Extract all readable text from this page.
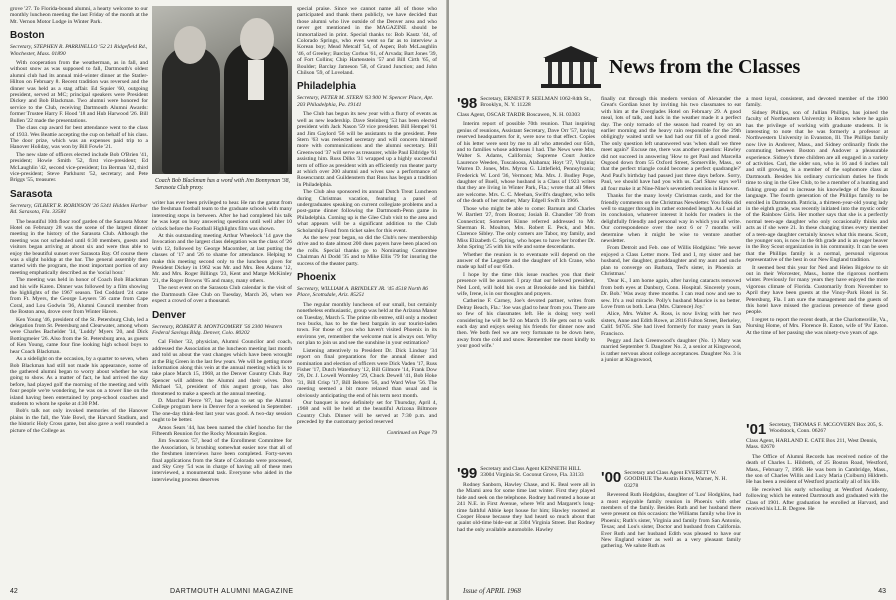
grove '27. To Florida-bound alumni, a hearty welcome to our monthly luncheon meeting the last Friday of the month at the Mt. Vernon Motor Lodge in Winter Park.

Boston
Secretary, STEPHEN R. PARRINELLO '52 21 Ridgefield Rd., Winchester, Mass. 01890

With cooperation from the weatherman, as in fall, and without snow as was supposed to fall, Dartmouth's oldest alumni club had its annual mid-winter dinner at the Statler-Hilton on February 8. Recent tradition was reversed and the dinner was held as a stag affair. Ed Squier '60, outgoing president, served at MC; principal speakers were President Dickey and Bob Blackman. Two alumni were honored for service to the Club, receiving Dartmouth Alumni Awards: former Trustee Harry F. Hood '18 and Hub Harwood '26. Bill Bullen '22 made the presentations.

The class cup award for best attendance went to the class of 1933. Wes Beattie accepting the cup on behalf of his class. The door prize, which was an expenses paid trip to a Hanover Holiday, was won by Bill Fowle '21.

The new slate of officers elected include Bob O'Brien '41, president; Howie Smith '52, first vice-president; Ed McLaughlin '42, second vice-president; Ira Berman '42, third vice-president; Steve Parkhurst '52, secretary; and Pete Briggs '55, treasurer.

Sarasota
Secretary, GILBERT R. ROBINSON '26 5341 Hidden Harbor Rd. Sarasota, Fla. 33581

The beautiful 10th floor roof garden of the Sarasota Motor Hotel on February 28 was the scene of the largest dinner meeting in the history of the Sarasota Club. Although the meeting was not scheduled until 6:30 members, guests and visitors began arriving at about six and were thus able to enjoy the beautiful sunset over Sarasota Bay. Of course there was a slight holdup at the bar. The general assembly then started with the program, the most important portion of any meeting emphatically described as the 'social hour.'

The meeting was held in honor of Coach Bob Blackman and his wife Karen. Dinner was followed by a film showing the highlights of the 1967 season. Ted Coddard '24 came from Ft. Myers, the George Leysers '36 came from Cape Coral, and Lou Godwin '36, Alumni Council member from the Boston area, drove over from Winter Haven.

Ken Young '46, president of the St. Petersburg Club, led a delegation from St. Petersburg and Clearwater, among whom were Charles Bachelder '14, 'Luddy' Myers '20, and Dick Bottingmeier '26. Also from the St. Petersburg area, as guests of Ken Young, came four fine looking high school boys to hear Coach Blackman.

As a sidelight on the occasion, by a quarter to seven, when Bob Blackman had still not made his appearance, some of the gathered alumni began to worry about whether he was going to show. As a matter of fact, he had arrived the day before, had played golf the morning of the meeting and with four people we're wondering, he was on a tower line on the island having been entertained by prep-school coaches and students to whom he spoke at 4:30 P.M.

Bob's talk not only invoked memories of the Hanover plains in the fall, the Yale Bowl, the Harvard Stadium, and the historic Holy Cross game, but also gave a well rounded a picture of the College as

Coach Bob Blackman has a word with Jim Bonnyman '38, Sarasota Club prexy.

writer has ever been privileged to hear. He ran the gamut from the freshman football team to the graduate schools with many interesting stops in between. After he had completed his talk he was kept on busy answering questions until well after 10 o'clock before the Football Highlights film was shown.

At this outstanding meeting Arthur Wheelock '14 gave the Invocation and the largest class delegation was the class of '26 with 12, followed by George Macomber, at last putting the classes of '17 and '26 to shame for attendance. Helping to make this meeting second only to the luncheon given for President Dickey in 1962 was Mr. and Mrs. Ben Adams '12, Mr. and Mrs. Roger Billings '23, Kent and Marge McKinley '21, the Roger Browns '05 and many, many others.

The next event on the Sarasota Club calendar is the visit of the Dartmouth Glee Club on Tuesday, March 26, when we expect a crowd of over a thousand.

Denver
Secretary, ROBERT R. MONTGOMERY '56 2300 Western Federal Savings Bldg. Denver, Colo. 80202

Cal Fisher '32, physician, Alumni Councilor and coach, addressed the Association at the luncheon meeting last month and told us about the vast changes which have been wrought at the Big Green in the last few years. We will be getting more information along this vein at the annual meeting which is to take place March 15, 1968, at the Denver Country Club. Ray Spencer will address the Alumni and their wives. Don Michael '53, president of this august group, has also threatened to make a speech at the annual meeting.

D. Marchal Pierce '87, has begun to set up the Alumni College program here in Denver for a weekend in September. The one-day think-fest last year was good. A two-day session ought to be better.

Amos Sears '44, has been named the chief honcho for the Fifteenth Reunion for the Rocky Mountain Region.

Jim Swanson '57, head of the Enrollment Committee for the Association, is brushing somewhat easier now that all of the freshmen interviews have been completed. Forty-seven final applications from the State of Colorado were processed, and Sky Grey '54 was in charge of having all of these men interviewed, a monumental task. Everyone who aided in the interviewing process deserves

special praise. Since we cannot name all of those who participated and thank them publicly, we have decided that those alumni who live outside of the Denver area and who never get mentioned in the MAGAZINE should be immortalized in print. Special thanks to: Bob Kautz '44, of Colorado Springs, who even went so far as to interview a Korean boy; Mead Metcalf '54, of Aspen; Bob McLaughlin '46, of Greeley; Barclay Corbus '61, of Arvada; Bart Jones '39, of Fort Collins; Chip Hartenstein '57 and Bill Cirth '65, of Boulder; Barclay Jameson '58, of Grand Junction; and John Chilson '59, of Loveland.

Philadelphia
Secretary, PETER M. STERN '63 900 W. Spencer Place, Apt. 203 Philadelphia, Pa. 19141

The Club has begun its new year with a flurry of events as well as new leadership. Dave Steinberg '53 has been elected president with Jack Nason '59 vice president. Bill Hempel '61 and Jim Gaylord '56 will be assistants to the president. Pete Stern '63 was reelected secretary and will concern himself more with communications and the alumni secretary. Bill Greenwood '37 will serve as treasurer, while Paul Eldridge '61 assisting him. Russ Dilks '31 wrapped up a highly successful term of office as president with an efficiently run theater party at which over 200 alumni and wives saw a performance of Rosencrantz and Guildenstern that Russ has begun a tradition in Philadelphia.

The Club also sponsored its annual Dutch Treat Luncheon during Christmas vacation, featuring a panel of undergraduates speaking on current collegiate problems and a post-game dinner following the Dartmouth-Penn game in Philadelphia. Coming up is the Glee Club visit to the area and what appears will be a significant addition to the Club Scholarship Fund from ticket sales for this event.

As the new year began, so did the Club's new membership drive and to date almost 200 dues payers have been placed on the rolls. Special thanks go to Nominating Committee Chairman Al Dodd '35 and to Mike Ellis '79 for insuring the success of the theater party.

Phoenix
Secretary, WILLIAM A. BRINDLEY JR. '45 4518 North 86 Place, Scottsdale, Ariz. 85251

The regular monthly luncheon of our small, but certainly nonetheless enthusiastic, group was held at the Arizona Manor on Tuesday, March 5. The prime rib entree, still only a modest two bucks, has to be the best bargain in our tourist-laden town. For those of you who haven't visited Phoenix in its environs yet, remember the welcome mat is always out. Why not plan to join us and see the sunshine in your estimation?

Listening attentively to President Dr. Dick Lindsay '34 report on final preparations for the annual dinner and nomination and election of officers were Dick Vaden '17, Russ Fisher '17, Dutch Waterbury '12, Bill Gilmore '14, Frank Dow '26, Dr. J. Lowell Wormley '29, Chuck Dewell '41, Bob Hoke '31, Bill Crisp '17, Bill Behren '56, and Ward Wise '56. The meeting seemed a bit more relaxed than usual and is obviously anticipating the end of his term next month.

Our banquet is now definitely set for Thursday, April 4, 1968 and will be held at the beautiful Arizona Biltmore Country Club. Dinner will be served at 7:30 p.m. and preceded by the customary period reserved

Continued on Page 79

42	DARTMOUTH ALUMNI MAGAZINE
News from the Classes
'98 Secretary, ERNEST P. SEELMAN 1062-84th St., Brooklyn, N. Y. 11228
Class Agent, OSCAR TARDR Boscawen, N. H. 03303

Interim report of possible 70th reunion. That inspiring genius of reunions, Assistant Secretary, Dave Orr '57, having reserved headquarters for it, were now to that effect. Copies of his letter were sent by me to all who attended our 65th, and to families whose addresses I had. The News were Mrs. Walter S. Adams, California; Supreme Court Justice Laurence Weeden, Tuscaloosa, Alabama; Hoyt '37, Virginia; Warren D. Jones, Mrs. Myron G. Littlefield, Pennsylvania; Frederick W. Lord '36, Vermont; Ma. Mrs. J. Budley Pope, daughter of Buell, whose husband is a Class of 1923 writes that they are living in Winter Park, Fla.; wrote that all 98ers are welcome. Mrs. C. C. Meehan, Swift's daughter, who tells of the death of her mother, Mary Edgell Swift in 1966.

Those who might be able to come: Barnum and Charles W. Bartlett '27, from Boston; Josiah B. Chandler '30 from Connecticut; Somerset Kinne referred addressed to Mr. Sherman R. Moulton, Mrs. Robert E. Peck, and Mrs. Clarence Sibley. The only comers are Tabor, my family, and Miss Elizabeth C. Spring, who hopes to have her brother Dr. John Spring '25 with his wife and some descendants.

Whether the reunion is to eventuate will depend on the answer of the Leggette and the daughter of Ich Crane, who made up half of our 65th.

I hope by the time this issue reaches you that their presence will be assured. I pray that our beloved president, Ned Lord, will hold his own at Brookside and his faithful wife, Irene, is in our thoughts and prayers.

Catherine F. Carney, Joe's devoted partner, writes from Delray Beach, Fla.: 'Joe was glad to hear from you. There are so few of his classmates left. He is doing very well considering he will be 92 on March 19. He gets out to walk each day and enjoys seeing his friends for dinner now and then. We both feel we are very fortunate to be down here, away from the cold and snow. Remember me most kindly to your good wife.'

'99 Secretary and Class Agent KENNETH HILL 33004 Virginia St. Coconut Grove, Fla. 33133

Rodney Sanborn, Hawley Chase, and K. Beal were all in the Miami area for some time last winter. First they played hide and seek on the telephone. Rodney had rented a house at 241 N.E. in First Avenue, where Wit and Margaret's long-time faithful Abbie kept house for him; Hawley roomed at Cooper House because they had heard so much about that quaint old-time bide-out at 3304 Virginia Street. But Rodney had the only available automobile. Hawley

finally cut through this modern version of Alexander the Great's Gordian knot by inviting his two classmates to eat with him at the Everglades Hotel on February 29. A good meal, lots of talk, and luck in the weather made it a perfect day. The only tornado of the season had roared by on an earlier morning and the heavy rain responsible for the 29th obligingly waited until we had had our fill of a good meal. The only question left unanswered was 'when shall we three meet again?' Excuse me, there was another question: Hawley did not succeed in answering 'How to get Paul and Marcella Osgood down from 55 Oxford Street, Somerville, Mass., so that the perfect triangle could become a perfect quadrangle?' And Paul's birthday had passed just three days before. Sorry, Paul, we should have had you with us. Carl Shaw says we'll all four make it at Nine-Nine's seventieth reunion in Hanover.

Thanks for the many lovely Christmas cards, and for the friendly comments on the Christmas Newsletter. You folks did well to stagger through its rather extended length. As I said at its conclusion, whatever interest it holds for readers is the delightfully friendly and personal way in which you all write. Our correspondence over the next 6 or 7 months will determine when it might be wise to venture another newsletter.

From Detroit and Feb. one of Willis Hodgkins: 'We never enjoyed a Class Letter more. Ted and I, my sister and her husband, her daughter, granddaughter and my aunt and uncle plan to converge on Barbara, Ted's sister, in Phoenix at Christmas.'

'Dear K., I am home again, after having cataracts removed from both eyes at Danbury, Conn. Hospital. Sincerely yours, Dr. Bob.' Was away three months. I can read now and see to sew. It's a real miracle. Polly's husband Maurice is no better. Love from us both. Lena (Mrs. Clarence) Joy.'

Alice, Mrs. Walter A. Ross, is now living with her two sisters, Anne and Edith Rowe, at 2816 Fulton Street, Berkeley, Calif. 94705. She had lived formerly for many years in San Francisco.

Peggy and Jack Greenwood's daughter (No. 1) Mary was married September 9. Daughter No. 2, a senior at Kingswood, is rather nervous about college acceptances. Daughter No. 3 is a junior at Kingswood,

'00 Secretary and Class Agent EVERETT W. GOODHUE The Austin Home, Warner, N. H. 03278

Reverend Ruth Hodgkins, daughter of 'Lou' Hodgkins, had a most enjoyable family reunion in Phoenix with other members of the family. Besides Ruth and her husband there were present on this occasion: the Williams family who live in Phoenix; Ruth's sister, Virginia and family from San Antonio, Texas; and Lou's sister, Doctor and husband from California. Ever Ruth and her husband Edith was pleased to have our New England winter as well as a very pleasant family gathering. We salute Ruth as

a most loyal, consistent, and devoted member of the 1900 family.

Sidney Phillips, son of Jullian Phillips, has joined the faculty of Northeastern University in Boston where he again has the privilege of working with graduate students. It is interesting to note that he was formerly a professor at Northwestern University in Evanston, Ill. The Phillips family now live in Andover, Mass., and Sidney ordinarily finds the commuting between Boston and Andover a pleasurable experience. Sidney's three children are all engaged in a variety of activities. Carl, the older son, who is 16 and 6 inches tall and still growing, is a member of the sophomore class at Dartmouth. Besides his ordinary curriculum duties he finds time to sing in the Glee Club, to be a member of a hunting and fishing group and to increase his knowledge of the Russian language. The fourth generation of the Phillips family to be enrolled in Dartmouth. Patricia, a thirteen-year-old young lady in the eighth grade, was recently initiated into the mystic order of the Rainbow Girls. Her mother says that she is a perfectly normal teen-age daughter who only occasionally thinks and acts as if she were 21. In these changing times every member of a teen-age daughter certainly knows what this means. Scott, the younger son, is now in the 6th grade and is an eager beaver in the Boy Scout organization in his community. It can be seen that the Phillips family is a normal, personal vigorous representative of the best in our New England tradition.

It seemed best this year for Ned and Helen Bigelow to sit out in their Worcester, Mass., home the rigorous northern winter. Previously for many years they have enjoyed the more vigorous climate of Florida. Customarily from November to April they have been guests at the Vinoy-Park Hotel in St. Petersburg, Fla. I am sure the management and the guests of this hotel have missed the gracious presence of these good people.

I regret to report the recent death, at the Charlottesville, Va., Nursing Home, of Mrs. Florence B. Eaton, wife of 'Pa' Eaton. At the time of her passing she was ninety-two years of age.

'01 Secretary, THOMAS F. MCGOVERN Box 205, S. Woodstock, Conn. 06267
Class Agent, HARLAND E. CATE Box 211, West Dennis, Mass. 02670

The Office of Alumni Records has received notice of the death of Charles L. Hildreth, of 25 Boston Road, Westford, Mass., February 7, 1968. He was born in Cambridge, Mass., the son of Charles Willis and Lucy Maria (Colburn) Hildreth. He has been a resident of Westford practically all of his life.

He received his early schooling at Westford Academy, following which he entered Dartmouth and graduated with the Class of 1901. After graduation he enrolled at Harvard, and received his LL.B. Degree. He

Issue of APRIL 1968	43
